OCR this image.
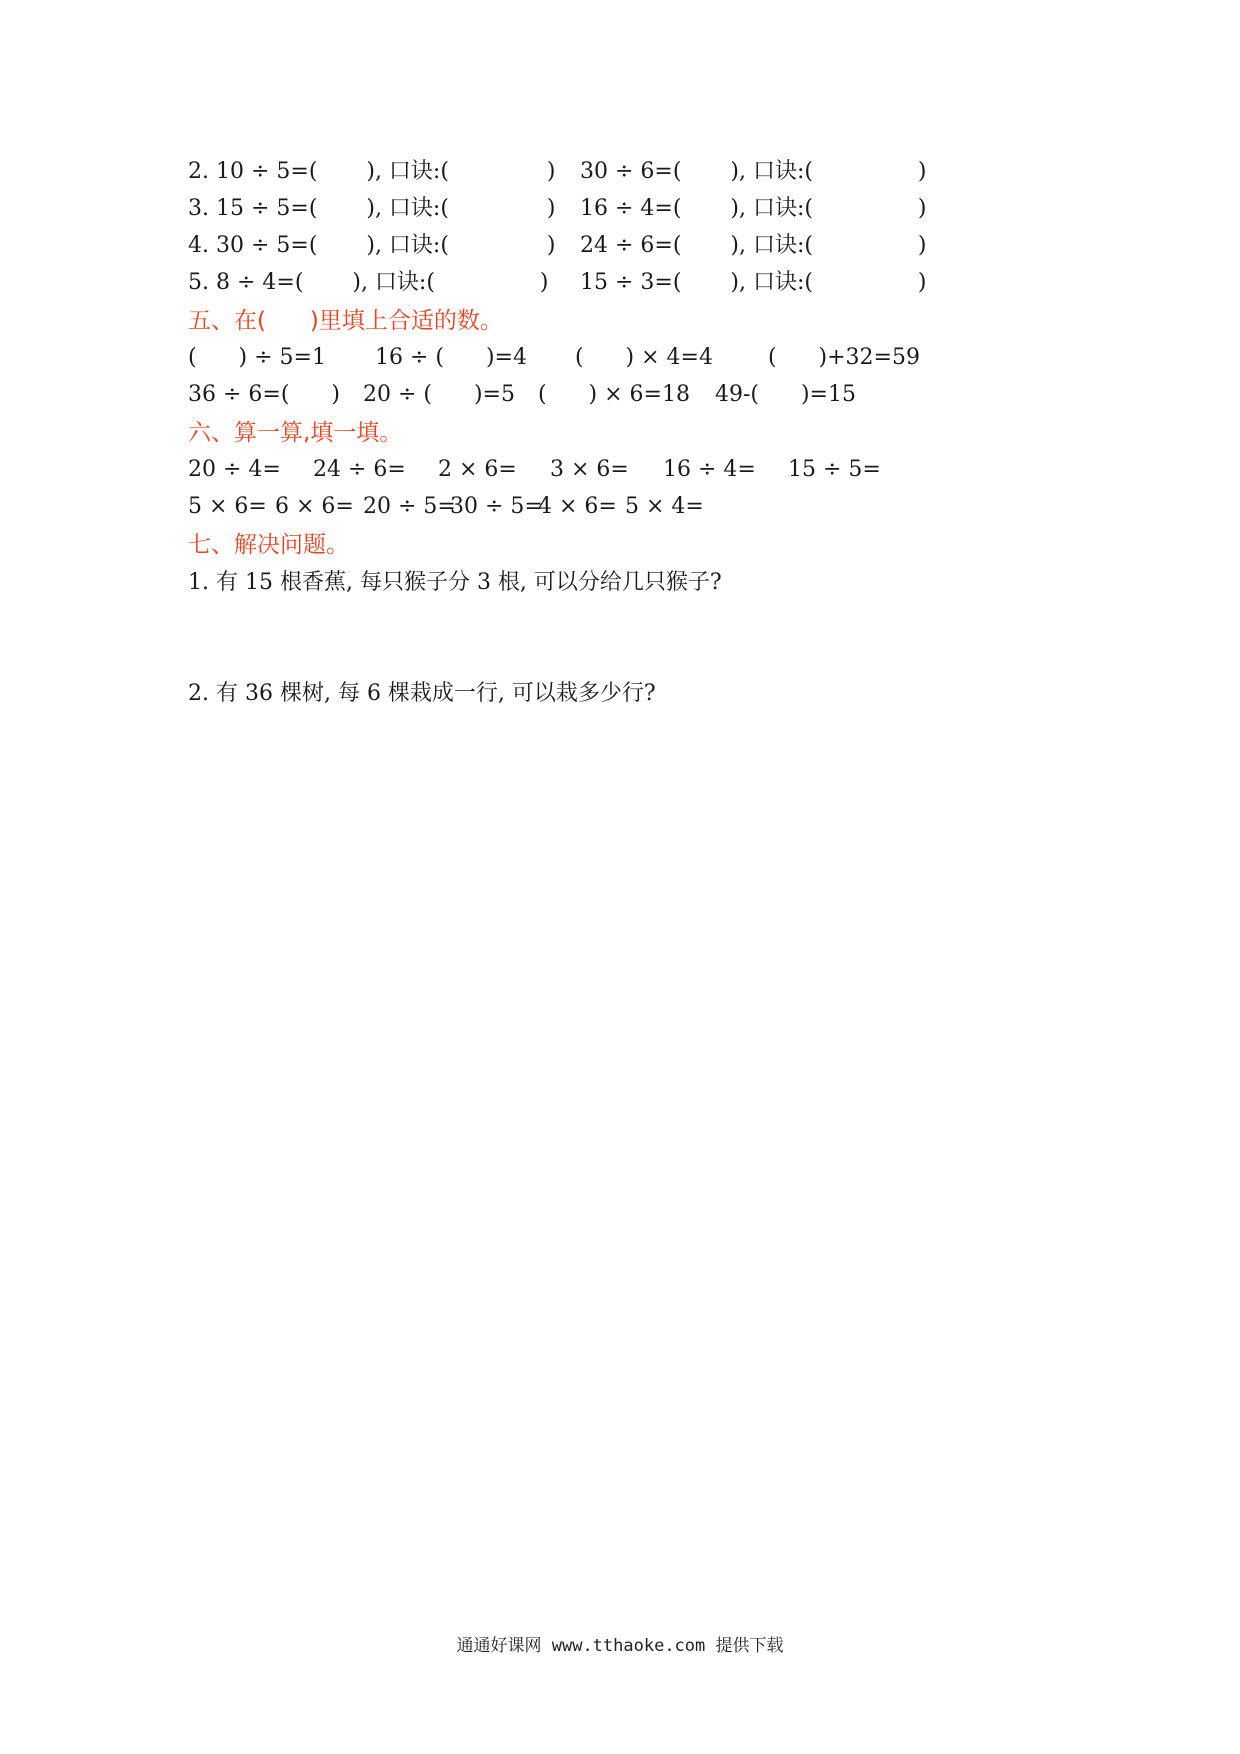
2. 10 ÷ 5=(       ), 口诀:(              )

30 ÷ 6=(       ), 口诀:(               )

3. 15 ÷ 5=(       ), 口诀:(              )

16 ÷ 4=(       ), 口诀:(               )

4. 30 ÷ 5=(       ), 口诀:(              )

24 ÷ 6=(       ), 口诀:(               )

5. 8 ÷ 4=(       ), 口诀:(               )

15 ÷ 3=(       ), 口诀:(               )

五、在(      )里填上合适的数。

(      ) ÷ 5=1

16 ÷ (      )=4

(      ) × 4=4

	(      )+32=59

36 ÷ 6=(      )

20 ÷ (      )=5

(      ) × 6=18

49-(      )=15

六、算一算,填一填。

20 ÷ 4=

24 ÷ 6=

2 × 6=

3 × 6=

16 ÷ 4=

15 ÷ 5=

5 × 6=

6 × 6=

20 ÷ 5=

30 ÷ 5=

4 × 6=

5 × 4=

七、解决问题。
1. 有 15 根香蕉, 每只猴子分 3 根, 可以分给几只猴子?
2. 有 36 棵树, 每 6 棵栽成一行, 可以栽多少行?
通通好课网 www.tthaoke.com 提供下载
